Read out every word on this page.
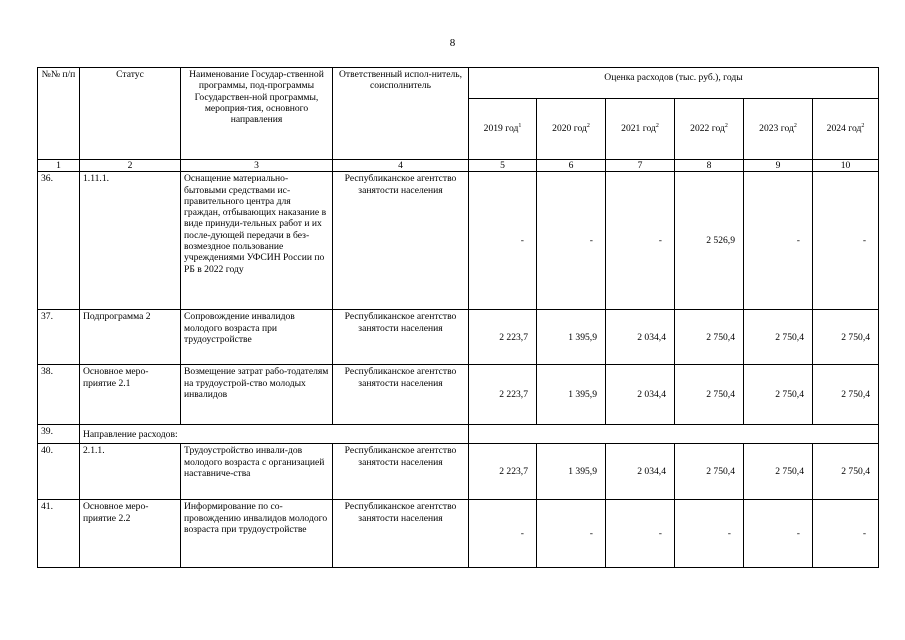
8
№№ п/п	Статус	Наименование Государ-ственной программы, под-программы Государствен-ной программы, мероприя-тия, основного направления	Ответственный испол-нитель, соисполнитель	Оценка расходов (тыс. руб.), годы					
				2019 год$^1$	2020 год$^2$	2021 год$^2$	2022 год$^2$	2023 год$^2$	2024 год$^2$
1	2	3	4	5	6	7	8	9	10
36.	1.11.1.	Оснащение материально-бытовыми средствами ис-правительного центра для граждан, отбывающих наказание в виде принуди-тельных работ и их после-дующей передачи в без-возмездное пользование учреждениями УФСИН России по РБ в 2022 году	Республиканское агентство занятости населения	-	-	-	2 526,9	-	-
37.	Подпрограмма 2	Сопровождение инвалидов молодого возраста при трудоустройстве	Республиканское агентство занятости населения	2 223,7	1 395,9	2 034,4	2 750,4	2 750,4	2 750,4
38.	Основное меро-приятие 2.1	Возмещение затрат рабо-тодателям на трудоустрой-ство молодых инвалидов	Республиканское агентство занятости населения	2 223,7	1 395,9	2 034,4	2 750,4	2 750,4	2 750,4
39.	Направление расходов:								
40.	2.1.1.	Трудоустройство инвали-дов молодого возраста с организацией наставниче-ства	Республиканское агентство занятости населения	2 223,7	1 395,9	2 034,4	2 750,4	2 750,4	2 750,4
41.	Основное меро-приятие 2.2	Информирование по со-провождению инвалидов молодого возраста при трудоустройстве	Республиканское агентство занятости населения	-	-	-	-	-	-
